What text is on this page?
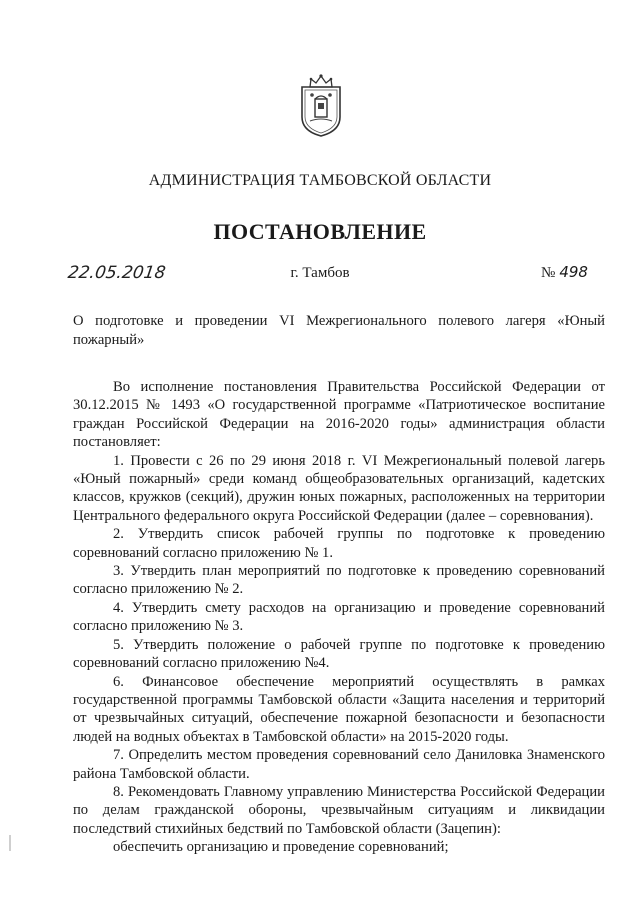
АДМИНИСТРАЦИЯ ТАМБОВСКОЙ ОБЛАСТИ
ПОСТАНОВЛЕНИЕ
22.05.2018	г. Тамбов	№ 498
О подготовке и проведении VI Межрегионального полевого лагеря «Юный пожарный»

Во исполнение постановления Правительства Российской Федерации от 30.12.2015 № 1493 «О государственной программе «Патриотическое воспитание граждан Российской Федерации на 2016-2020 годы» администрация области постановляет:

1. Провести с 26 по 29 июня 2018 г. VI Межрегиональный полевой лагерь «Юный пожарный» среди команд общеобразовательных организаций, кадетских классов, кружков (секций), дружин юных пожарных, расположенных на территории Центрального федерального округа Российской Федерации (далее – соревнования).

2. Утвердить список рабочей группы по подготовке к проведению соревнований согласно приложению № 1.

3. Утвердить план мероприятий по подготовке к проведению соревнований согласно приложению № 2.

4. Утвердить смету расходов на организацию и проведение соревнований согласно приложению № 3.

5. Утвердить положение о рабочей группе по подготовке к проведению соревнований согласно приложению №4.

6. Финансовое обеспечение мероприятий осуществлять в рамках государственной программы Тамбовской области «Защита населения и территорий от чрезвычайных ситуаций, обеспечение пожарной безопасности и безопасности людей на водных объектах в Тамбовской области» на 2015-2020 годы.

7. Определить местом проведения соревнований село Даниловка Знаменского района Тамбовской области.

8. Рекомендовать Главному управлению Министерства Российской Федерации по делам гражданской обороны, чрезвычайным ситуациям и ликвидации последствий стихийных бедствий по Тамбовской области (Зацепин):

обеспечить организацию и проведение соревнований;
